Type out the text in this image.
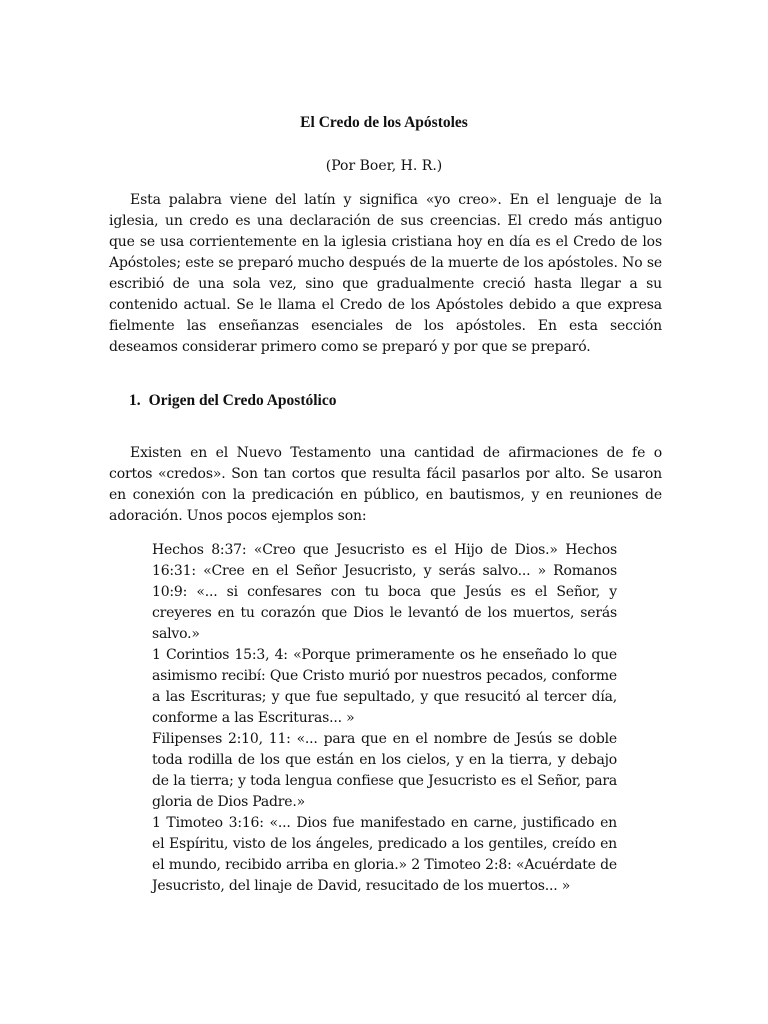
El Credo de los Apóstoles

(Por Boer, H. R.)

Esta palabra viene del latín y significa «yo creo». En el lenguaje de la iglesia, un credo es una declaración de sus creencias. El credo más antiguo que se usa corrientemente en la iglesia cristiana hoy en día es el Credo de los Apóstoles; este se preparó mucho después de la muerte de los apóstoles. No se escribió de una sola vez, sino que gradualmente creció hasta llegar a su contenido actual. Se le llama el Credo de los Apóstoles debido a que expresa fielmente las enseñanzas esenciales de los apóstoles. En esta sección deseamos considerar primero como se preparó y por que se preparó.

1. Origen del Credo Apostólico

Existen en el Nuevo Testamento una cantidad de afirmaciones de fe o cortos «credos». Son tan cortos que resulta fácil pasarlos por alto. Se usaron en conexión con la predicación en público, en bautismos, y en reuniones de adoración. Unos pocos ejemplos son:

Hechos 8:37: «Creo que Jesucristo es el Hijo de Dios.» Hechos 16:31: «Cree en el Señor Jesucristo, y serás salvo... » Romanos 10:9: «... si confesares con tu boca que Jesús es el Señor, y creyeres en tu corazón que Dios le levantó de los muertos, serás salvo.»

1 Corintios 15:3, 4: «Porque primeramente os he enseñado lo que asimismo recibí: Que Cristo murió por nuestros pecados, conforme a las Escrituras; y que fue sepultado, y que resucitó al tercer día, conforme a las Escrituras... »

Filipenses 2:10, 11: «... para que en el nombre de Jesús se doble toda rodilla de los que están en los cielos, y en la tierra, y debajo de la tierra; y toda lengua confiese que Jesucristo es el Señor, para gloria de Dios Padre.»

1 Timoteo 3:16: «... Dios fue manifestado en carne, justificado en el Espíritu, visto de los ángeles, predicado a los gentiles, creído en el mundo, recibido arriba en gloria.» 2 Timoteo 2:8: «Acuérdate de Jesucristo, del linaje de David, resucitado de los muertos... »
